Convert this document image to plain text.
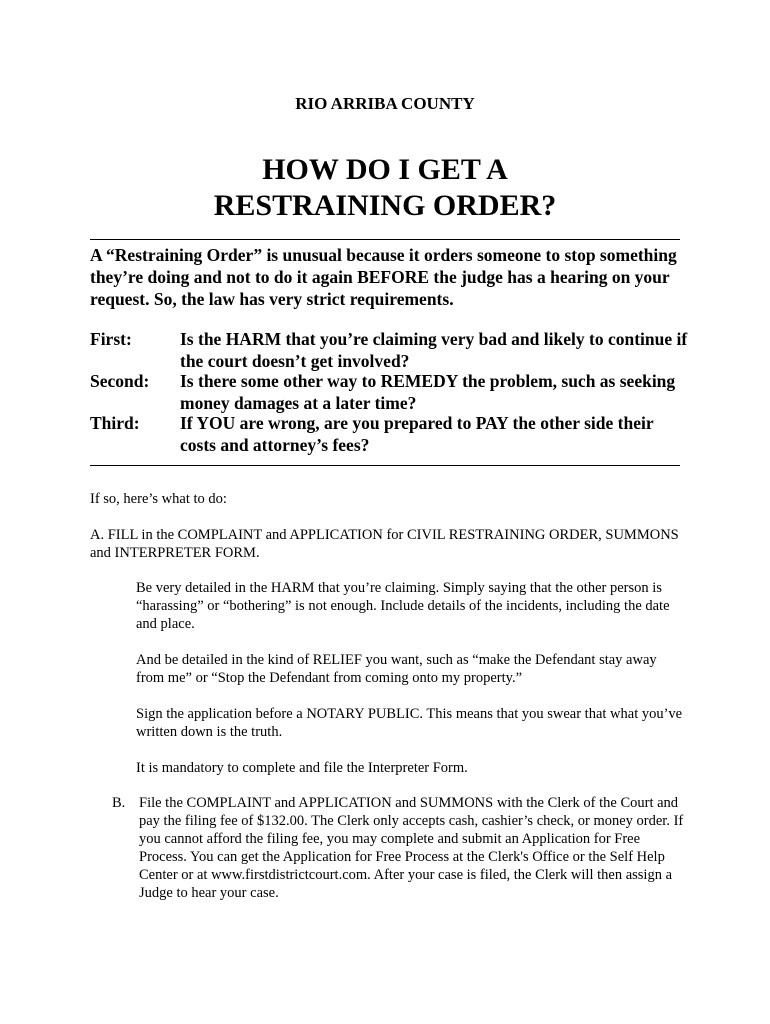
RIO ARRIBA COUNTY
HOW DO I GET A
RESTRAINING ORDER?
A “Restraining Order” is unusual because it orders someone to stop something they’re doing and not to do it again BEFORE the judge has a hearing on your request. So, the law has very strict requirements.
First:	Is the HARM that you’re claiming very bad and likely to continue if the court doesn’t get involved?
Second: Is there some other way to REMEDY the problem, such as seeking money damages at a later time?
Third: If YOU are wrong, are you prepared to PAY the other side their costs and attorney’s fees?
If so, here’s what to do:
A. FILL in the COMPLAINT and APPLICATION for CIVIL RESTRAINING ORDER, SUMMONS and INTERPRETER FORM.
Be very detailed in the HARM that you’re claiming. Simply saying that the other person is “harassing” or “bothering” is not enough. Include details of the incidents, including the date and place.
And be detailed in the kind of RELIEF you want, such as “make the Defendant stay away from me” or “Stop the Defendant from coming onto my property.”
Sign the application before a NOTARY PUBLIC. This means that you swear that what you’ve written down is the truth.
It is mandatory to complete and file the Interpreter Form.
B. File the COMPLAINT and APPLICATION and SUMMONS with the Clerk of the Court and pay the filing fee of $132.00. The Clerk only accepts cash, cashier’s check, or money order. If you cannot afford the filing fee, you may complete and submit an Application for Free Process. You can get the Application for Free Process at the Clerk's Office or the Self Help Center or at www.firstdistrictcourt.com. After your case is filed, the Clerk will then assign a Judge to hear your case.
